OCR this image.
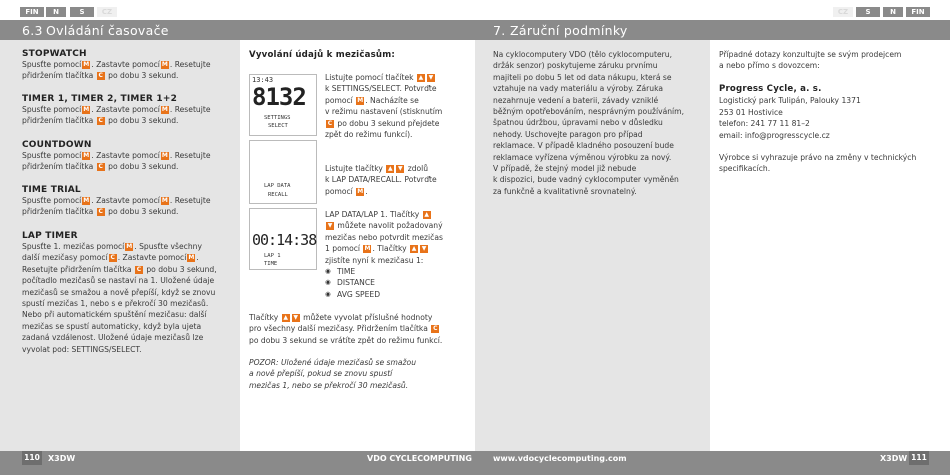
FIN	N	S	CZ
6.3 Ovládání časovače
STOPWATCH
Spusťte pomocí M . Zastavte pomocí M . Resetujte
přidržením tlačítka C po dobu 3 sekund.
TIMER 1, TIMER 2, TIMER 1+2
Spusťte pomocí M . Zastavte pomocí M . Resetujte
přidržením tlačítka C po dobu 3 sekund.
COUNTDOWN
Spusťte pomocí M . Zastavte pomocí M . Resetujte
přidržením tlačítka C po dobu 3 sekund.
TIME TRIAL
Spusťte pomocí M . Zastavte pomocí M . Resetujte
přidržením tlačítka C po dobu 3 sekund.
LAP TIMER
Spusťte 1. mezičas pomocí M . Spusťte všechny
další mezičasy pomocí C . Zastavte pomocí M .
Resetujte přidržením tlačítka C po dobu 3 sekund,
počítadlo mezičasů se nastaví na 1. Uložené údaje
mezičasů se smažou a nově přepíší, když se znovu
spustí mezičas 1, nebo s e překročí 30 mezičasů.
Nebo při automatickém spuštění mezičasu: další
mezičas se spustí automaticky, když byla ujeta
zadaná vzdálenost. Uložené údaje mezičasů lze
vyvolat pod: SETTINGS/SELECT.
Vyvolání údajů k mezičasům:
13:43
8132
SETTINGS
SELECT
LAP DATA
RECALL
00:14:38
LAP 1
TIME
Listujte pomocí tlačítek ▲ ▼
k SETTINGS/SELECT. Potvrďte
pomocí M . Nacházíte se
v režimu nastavení (stisknutím
C po dobu 3 sekund přejdete
zpět do režimu funkcí).
Listujte tlačítky ▲ ▼ zdolů
k LAP DATA/RECALL. Potvrďte
pomocí M .
LAP DATA/LAP 1. Tlačítky ▲
▼ můžete navolit požadovaný
mezičas nebo potvrdit mezičas
1 pomocí M . Tlačítky ▲ ▼
zjistíte nyní k mezičasu 1:
◉ TIME
◉ DISTANCE
◉ AVG SPEED
Tlačítky ▲ ▼ můžete vyvolat příslušné hodnoty
pro všechny další mezičasy. Přidržením tlačítka C
po dobu 3 sekund se vrátíte zpět do režimu funkcí.
POZOR: Uložené údaje mezičasů se smažou
a nově přepíší, pokud se znovu spustí
mezičas 1, nebo se překročí 30 mezičasů.
110 X3DW	VDO CYCLECOMPUTING
CZ	S	N	FIN
7. Záruční podmínky
Na cyklocomputery VDO (tělo cyklocomputeru,
držák senzor) poskytujeme záruku prvnímu
majiteli po dobu 5 let od data nákupu, která se
vztahuje na vady materiálu a výroby. Záruka
nezahrnuje vedení a baterii, závady vzniklé
běžným opotřebováním, nesprávným používáním,
špatnou údržbou, úpravami nebo v důsledku
nehody. Uschovejte paragon pro případ
reklamace. V případě kladného posouzení bude
reklamace vyřízena výměnou výrobku za nový.
V případě, že stejný model již nebude
k dispozici, bude vadný cyklocomputer vyměněn
za funkčně a kvalitativně srovnatelný.
Případné dotazy konzultujte se svým prodejcem
a nebo přímo s dovozcem:
Progress Cycle, a. s.
Logistický park Tulipán, Palouky 1371
253 01 Hostivice
telefon: 241 77 11 81–2
email: info@progresscycle.cz
Výrobce si vyhrazuje právo na změny v technických
specifikacích.
www.vdocyclecomputing.com	X3DW 111
